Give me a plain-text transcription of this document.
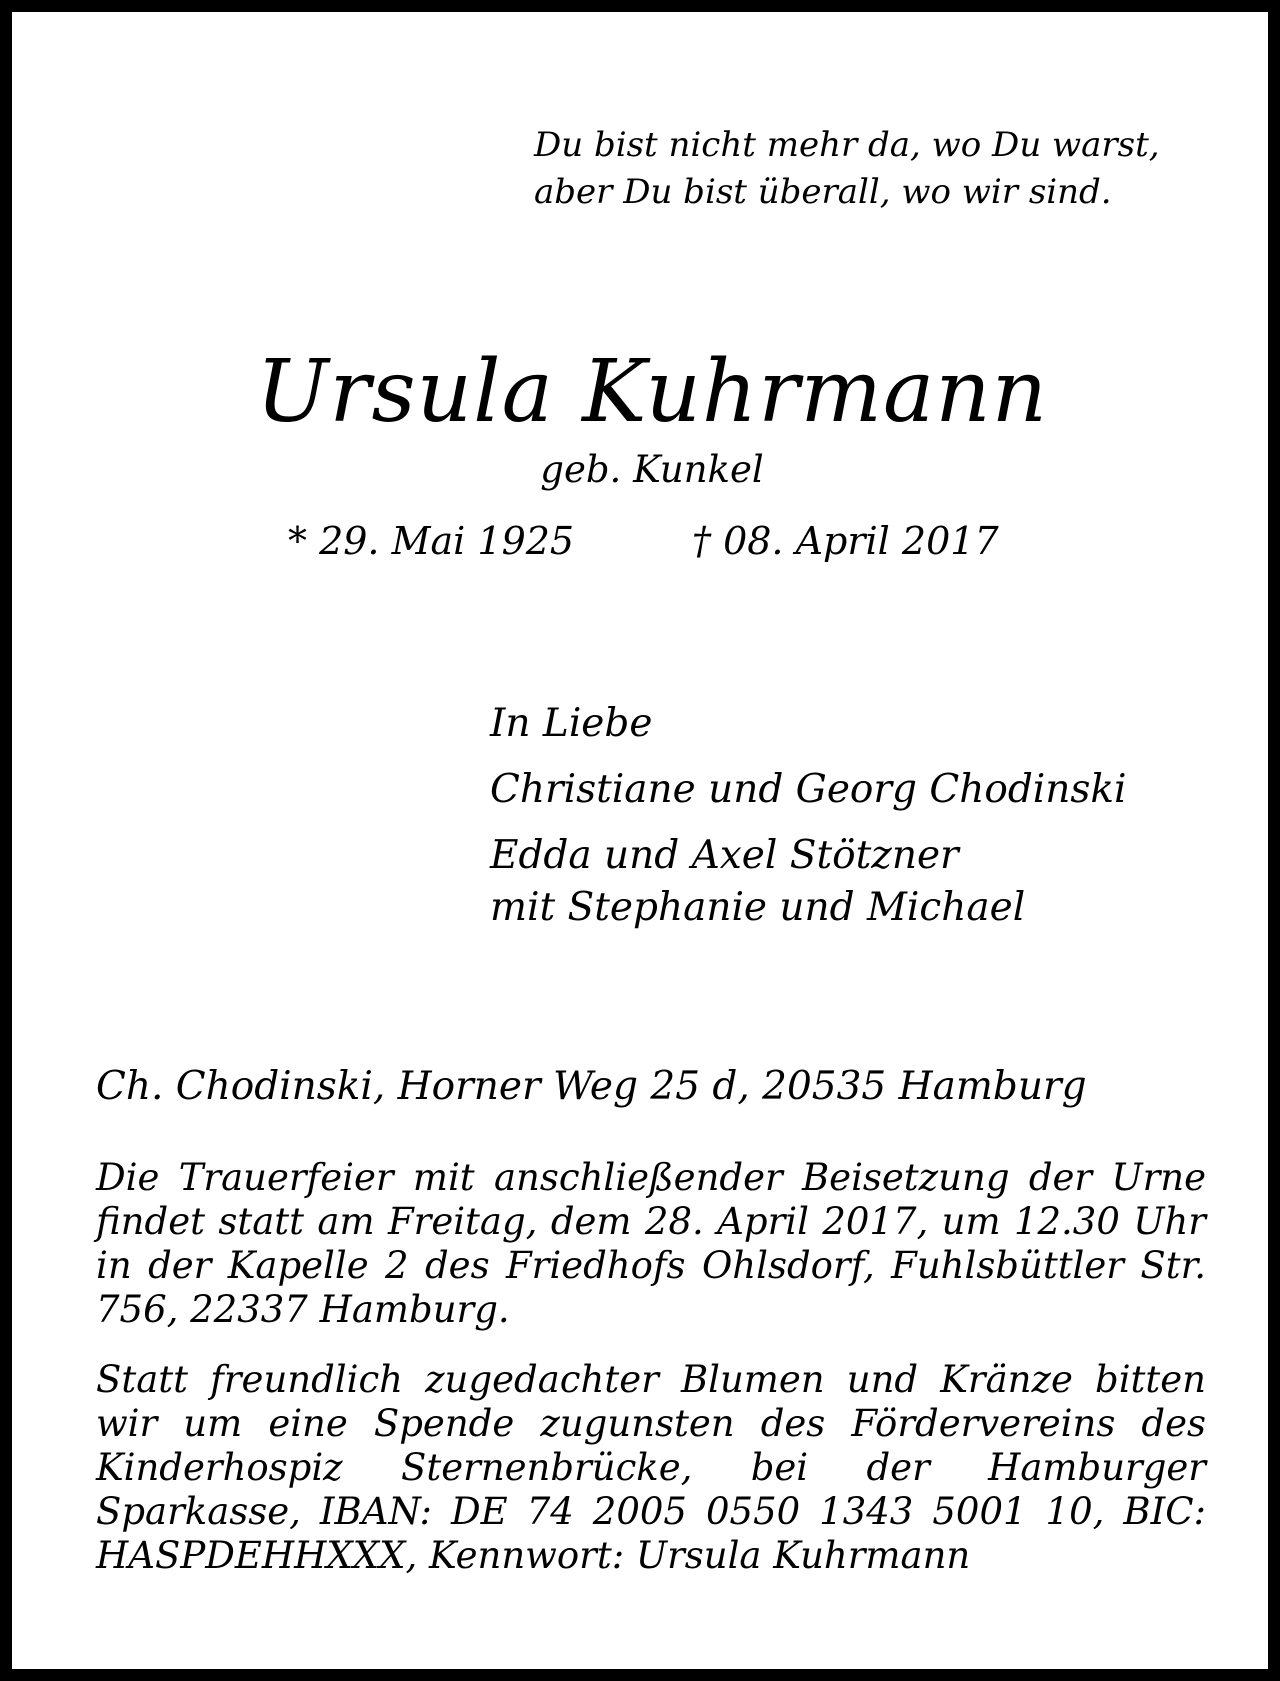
Du bist nicht mehr da, wo Du warst,
aber Du bist überall, wo wir sind.
Ursula Kuhrmann
geb. Kunkel
* 29. Mai 1925	† 08. April 2017
In Liebe
Christiane und Georg Chodinski
Edda und Axel Stötzner
mit Stephanie und Michael
Ch. Chodinski, Horner Weg 25 d, 20535 Hamburg
Die Trauerfeier mit anschließender Beisetzung der Urne findet statt am Freitag, dem 28. April 2017, um 12.30 Uhr in der Kapelle 2 des Friedhofs Ohlsdorf, Fuhlsbüttler Str. 756, 22337 Hamburg.
Statt freundlich zugedachter Blumen und Kränze bitten wir um eine Spende zugunsten des Fördervereins des Kinderhospiz Sternenbrücke, bei der Hamburger Sparkasse, IBAN: DE 74 2005 0550 1343 5001 10, BIC: HASPDEHHXXX, Kennwort: Ursula Kuhrmann
